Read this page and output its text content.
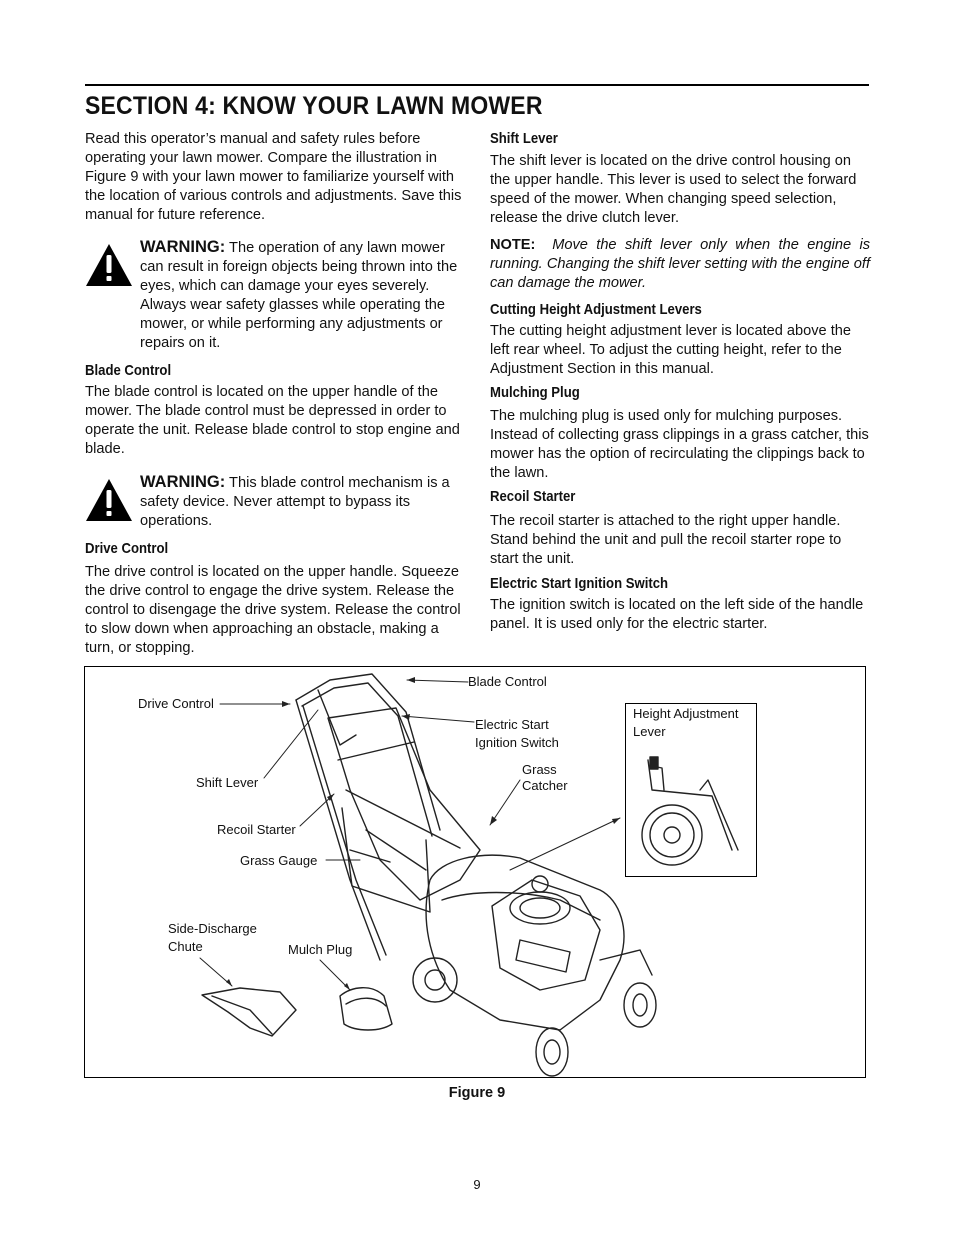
SECTION 4: KNOW YOUR LAWN MOWER

Read this operator’s manual and safety rules before operating your lawn mower. Compare the illustration in Figure 9 with your lawn mower to familiarize yourself with the location of various controls and adjustments. Save this manual for future reference.

WARNING: The operation of any lawn mower can result in foreign objects being thrown into the eyes, which can damage your eyes severely. Always wear safety glasses while operating the mower, or while performing any adjustments or repairs on it.

Blade Control

The blade control is located on the upper handle of the mower. The blade control must be depressed in order to operate the unit. Release blade control to stop engine and blade.

WARNING: This blade control mechanism is a safety device. Never attempt to bypass its operations.

Drive Control

The drive control is located on the upper handle. Squeeze the drive control to engage the drive system. Release the control to disengage the drive system. Release the control to slow down when approaching an obstacle, making a turn, or stopping.

Shift Lever

The shift lever is located on the drive control housing on the upper handle. This lever is used to select the forward speed of the mower. When changing speed selection, release the drive clutch lever.

NOTE: Move the shift lever only when the engine is running. Changing the shift lever setting with the engine off can damage the mower.

Cutting Height Adjustment Levers

The cutting height adjustment lever is located above the left rear wheel. To adjust the cutting height, refer to the Adjustment Section in this manual.

Mulching Plug

The mulching plug is used only for mulching purposes. Instead of collecting grass clippings in a grass catcher, this mower has the option of recirculating the clippings back to the lawn.

Recoil Starter

The recoil starter is attached to the right upper handle. Stand behind the unit and pull the recoil starter rope to start the unit.

Electric Start Ignition Switch

The ignition switch is located on the left side of the handle panel. It is used only for the electric starter.

Blade Control
Drive Control
Electric Start
Ignition Switch
Height Adjustment
Lever
Grass
Catcher
Shift Lever
Recoil Starter
Grass Gauge
Side-Discharge
Chute	Mulch Plug
Figure 9
9
